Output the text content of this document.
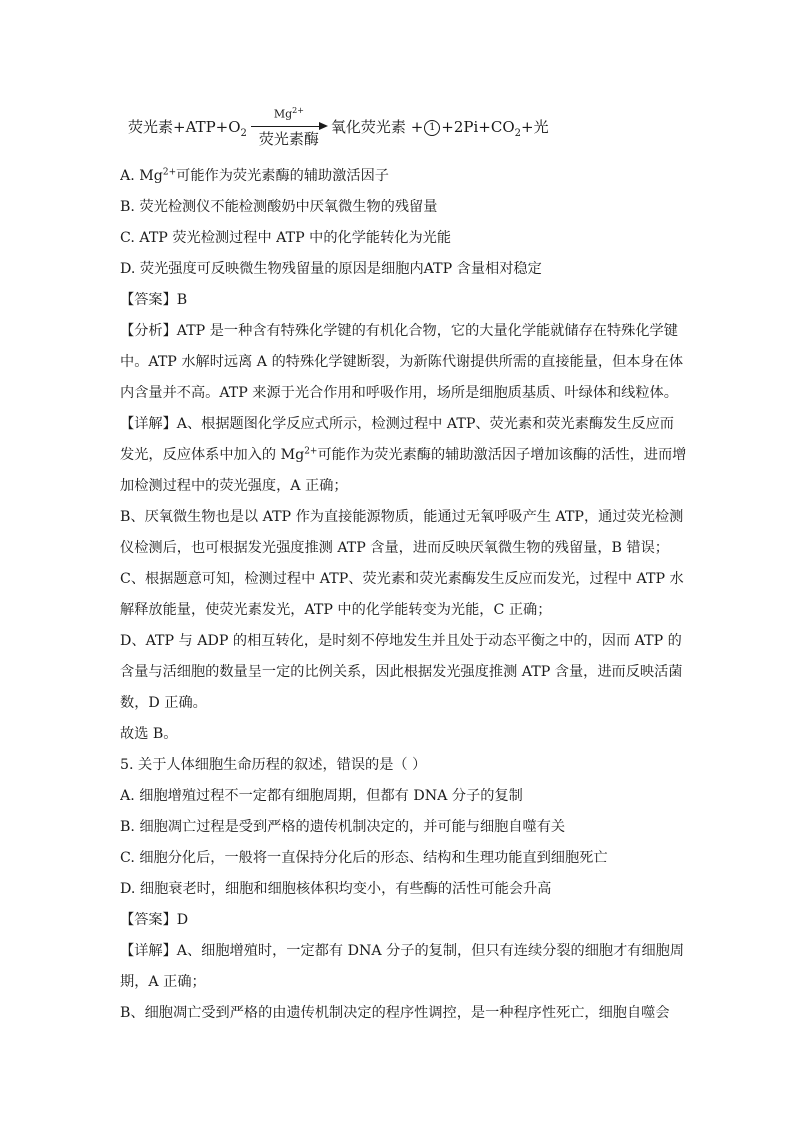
荧光素$+ATP+O_2$
$Mg^{2+}$
荧光素酶
氧化荧光素 + $1 +2Pi+CO_2+$光
A. $Mg^{2+}$可能作为荧光素酶的辅助激活因子
B. 荧光检测仪不能检测酸奶中厌氧微生物的残留量
C. ATP 荧光检测过程中 ATP 中的化学能转化为光能
D. 荧光强度可反映微生物残留量的原因是细胞内ATP 含量相对稳定
【答案】B
【分析】ATP 是一种含有特殊化学键的有机化合物，它的大量化学能就储存在特殊化学键
中。ATP 水解时远离 A 的特殊化学键断裂，为新陈代谢提供所需的直接能量，但本身在体
内含量并不高。ATP 来源于光合作用和呼吸作用，场所是细胞质基质、叶绿体和线粒体。
【详解】A、根据题图化学反应式所示，检测过程中 ATP、荧光素和荧光素酶发生反应而
发光，反应体系中加入的 $Mg^{2+}$可能作为荧光素酶的辅助激活因子增加该酶的活性，进而增
加检测过程中的荧光强度，A 正确；
B、厌氧微生物也是以 ATP 作为直接能源物质，能通过无氧呼吸产生 ATP，通过荧光检测
仪检测后，也可根据发光强度推测 ATP 含量，进而反映厌氧微生物的残留量，B 错误；
C、根据题意可知，检测过程中 ATP、荧光素和荧光素酶发生反应而发光，过程中 ATP 水
解释放能量，使荧光素发光，ATP 中的化学能转变为光能，C 正确；
D、ATP 与 ADP 的相互转化，是时刻不停地发生并且处于动态平衡之中的，因而 ATP 的
含量与活细胞的数量呈一定的比例关系，因此根据发光强度推测 ATP 含量，进而反映活菌
数，D 正确。
故选 B。
5. 关于人体细胞生命历程的叙述，错误的是（ ）
A. 细胞增殖过程不一定都有细胞周期，但都有 DNA 分子的复制
B. 细胞凋亡过程是受到严格的遗传机制决定的，并可能与细胞自噬有关
C. 细胞分化后，一般将一直保持分化后的形态、结构和生理功能直到细胞死亡
D. 细胞衰老时，细胞和细胞核体积均变小，有些酶的活性可能会升高
【答案】D
【详解】A、细胞增殖时，一定都有 DNA 分子的复制，但只有连续分裂的细胞才有细胞周
期，A 正确；
B、细胞凋亡受到严格的由遗传机制决定的程序性调控，是一种程序性死亡，细胞自噬会
